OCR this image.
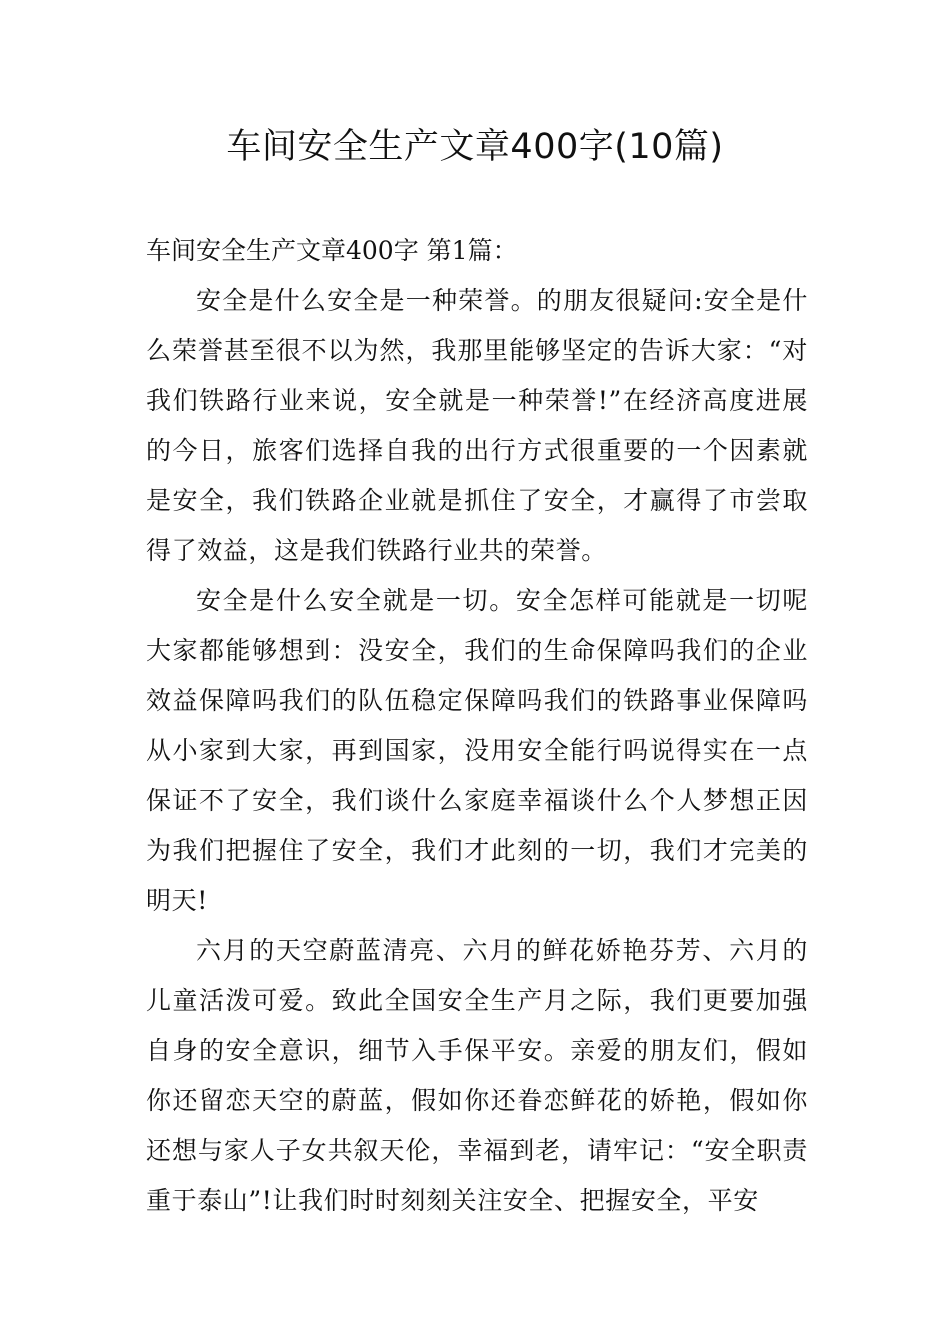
车间安全生产文章400字(10篇)

车间安全生产文章400字 第1篇：

安全是什么安全是一种荣誉。的朋友很疑问:安全是什么荣誉甚至很不以为然，我那里能够坚定的告诉大家：“对我们铁路行业来说，安全就是一种荣誉!”在经济高度进展的今日，旅客们选择自我的出行方式很重要的一个因素就是安全，我们铁路企业就是抓住了安全，才赢得了市尝取得了效益，这是我们铁路行业共的荣誉。

安全是什么安全就是一切。安全怎样可能就是一切呢大家都能够想到：没安全，我们的生命保障吗我们的企业效益保障吗我们的队伍稳定保障吗我们的铁路事业保障吗从小家到大家，再到国家，没用安全能行吗说得实在一点保证不了安全，我们谈什么家庭幸福谈什么个人梦想正因为我们把握住了安全，我们才此刻的一切，我们才完美的明天!

六月的天空蔚蓝清亮、六月的鲜花娇艳芬芳、六月的儿童活泼可爱。致此全国安全生产月之际，我们更要加强自身的安全意识，细节入手保平安。亲爱的朋友们，假如你还留恋天空的蔚蓝，假如你还眷恋鲜花的娇艳，假如你还想与家人子女共叙天伦，幸福到老，请牢记：“安全职责重于泰山”!让我们时时刻刻关注安全、把握安全，平安
